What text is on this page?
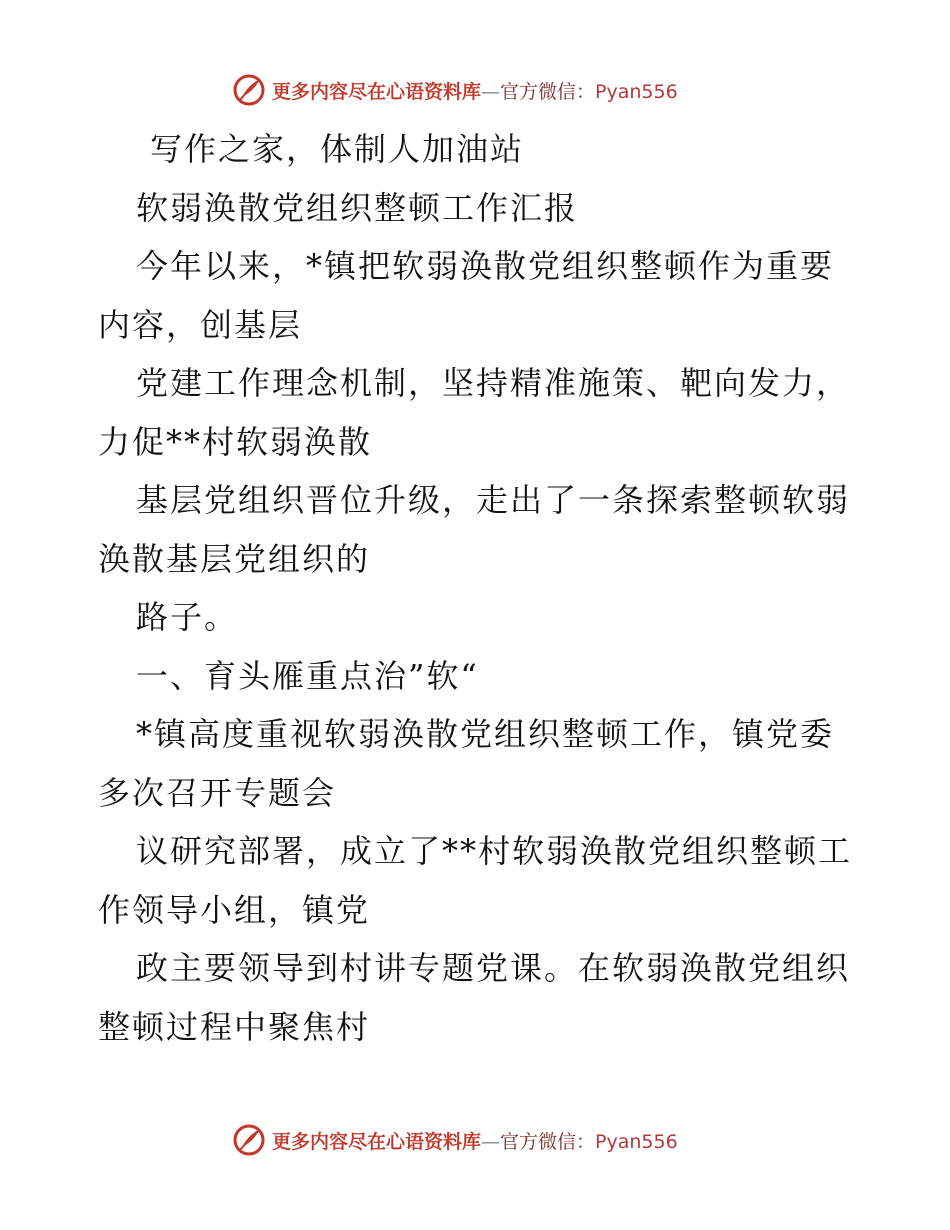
更多内容尽在心语资料库—官方微信：Pyan556
写作之家，体制人加油站
软弱涣散党组织整顿工作汇报
今年以来，*镇把软弱涣散党组织整顿作为重要
内容，创基层
党建工作理念机制，坚持精准施策、靶向发力，
力促**村软弱涣散
基层党组织晋位升级，走出了一条探索整顿软弱
涣散基层党组织的
路子。
一、育头雁重点治”软“
*镇高度重视软弱涣散党组织整顿工作，镇党委
多次召开专题会
议研究部署，成立了**村软弱涣散党组织整顿工
作领导小组，镇党
政主要领导到村讲专题党课。在软弱涣散党组织
整顿过程中聚焦村
更多内容尽在心语资料库—官方微信：Pyan556
